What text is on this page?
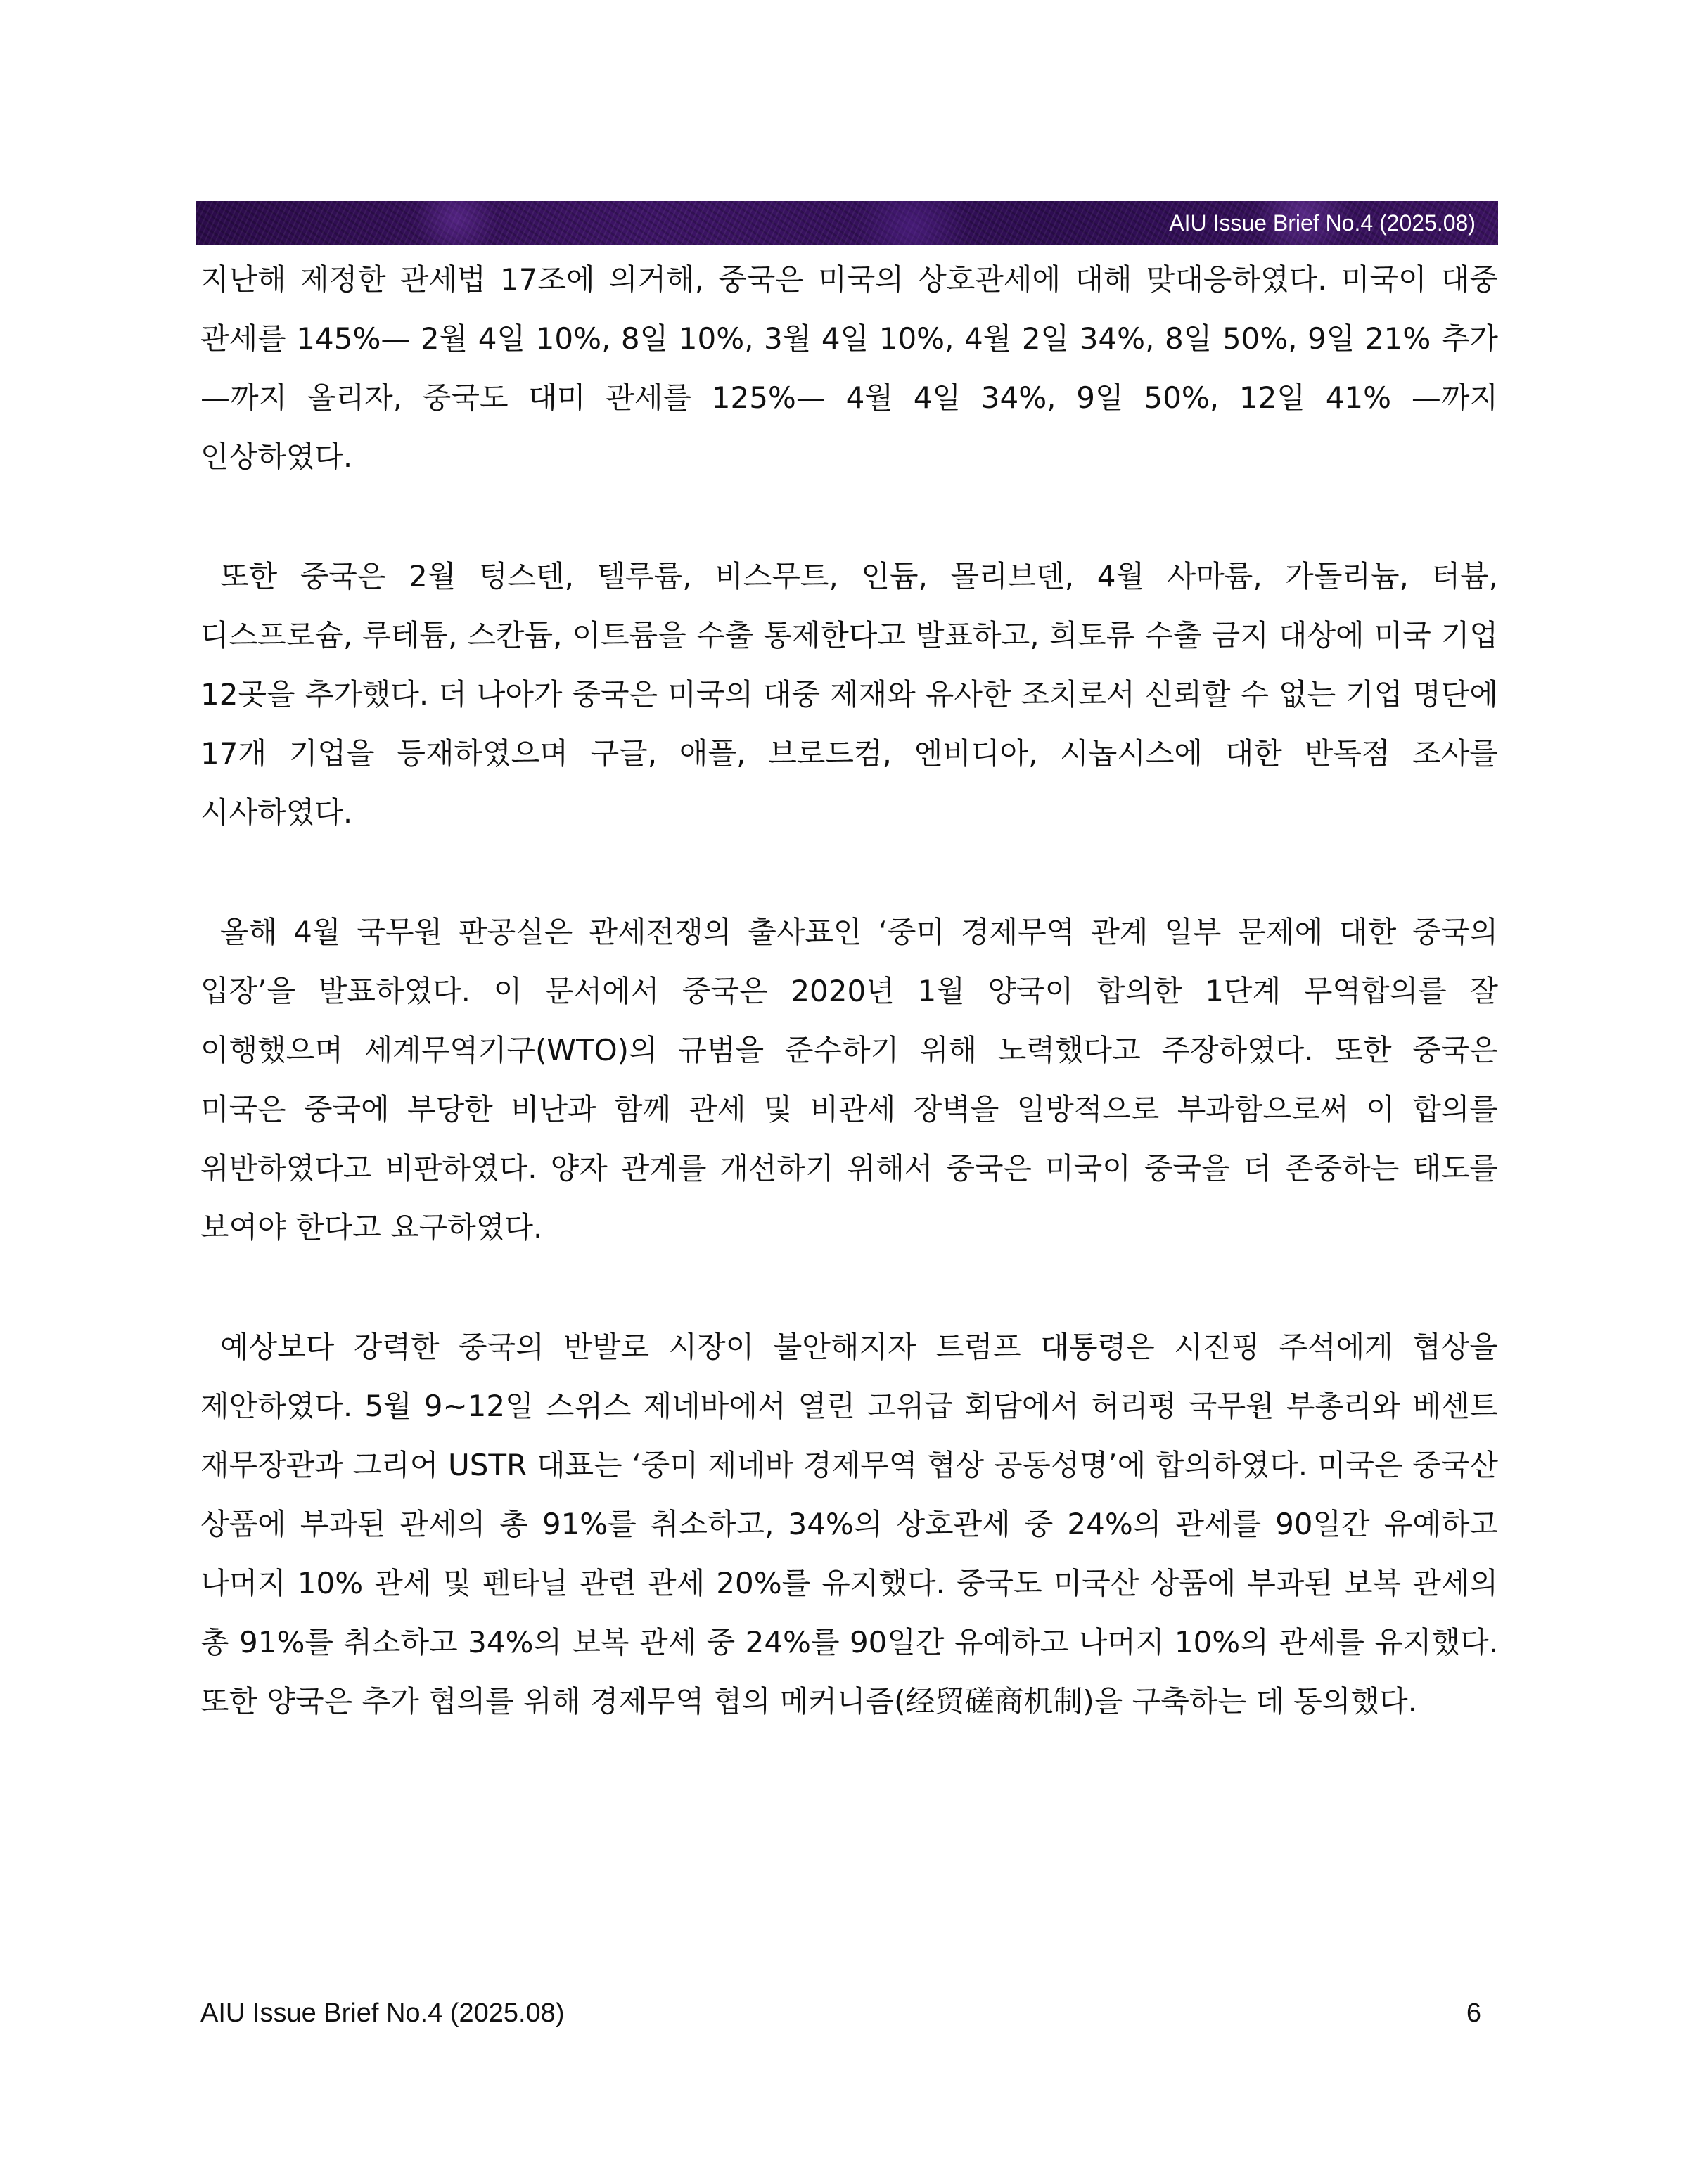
AIU Issue Brief No.4 (2025.08)

지난해 제정한 관세법 17조에 의거해, 중국은 미국의 상호관세에 대해 맞대응하였다. 미국이 대중 관세를 145%— 2월 4일 10%, 8일 10%, 3월 4일 10%, 4월 2일 34%, 8일 50%, 9일 21% 추가 —까지 올리자, 중국도 대미 관세를 125%— 4월 4일 34%, 9일 50%, 12일 41% —까지 인상하였다.

또한 중국은 2월 텅스텐, 텔루륨, 비스무트, 인듐, 몰리브덴, 4월 사마륨, 가돌리늄, 터븀, 디스프로슘, 루테튬, 스칸듐, 이트륨을 수출 통제한다고 발표하고, 희토류 수출 금지 대상에 미국 기업 12곳을 추가했다. 더 나아가 중국은 미국의 대중 제재와 유사한 조치로서 신뢰할 수 없는 기업 명단에 17개 기업을 등재하였으며 구글, 애플, 브로드컴, 엔비디아, 시놉시스에 대한 반독점 조사를 시사하였다.

올해 4월 국무원 판공실은 관세전쟁의 출사표인 ‘중미 경제무역 관계 일부 문제에 대한 중국의 입장’을 발표하였다. 이 문서에서 중국은 2020년 1월 양국이 합의한 1단계 무역합의를 잘 이행했으며 세계무역기구(WTO)의 규범을 준수하기 위해 노력했다고 주장하였다. 또한 중국은 미국은 중국에 부당한 비난과 함께 관세 및 비관세 장벽을 일방적으로 부과함으로써 이 합의를 위반하였다고 비판하였다. 양자 관계를 개선하기 위해서 중국은 미국이 중국을 더 존중하는 태도를 보여야 한다고 요구하였다.

예상보다 강력한 중국의 반발로 시장이 불안해지자 트럼프 대통령은 시진핑 주석에게 협상을 제안하였다. 5월 9~12일 스위스 제네바에서 열린 고위급 회담에서 허리펑 국무원 부총리와 베센트 재무장관과 그리어 USTR 대표는 ‘중미 제네바 경제무역 협상 공동성명’에 합의하였다. 미국은 중국산 상품에 부과된 관세의 총 91%를 취소하고, 34%의 상호관세 중 24%의 관세를 90일간 유예하고 나머지 10% 관세 및 펜타닐 관련 관세 20%를 유지했다. 중국도 미국산 상품에 부과된 보복 관세의 총 91%를 취소하고 34%의 보복 관세 중 24%를 90일간 유예하고 나머지 10%의 관세를 유지했다. 또한 양국은 추가 협의를 위해 경제무역 협의 메커니즘(经贸磋商机制)을 구축하는 데 동의했다.

AIU Issue Brief No.4 (2025.08)	6
